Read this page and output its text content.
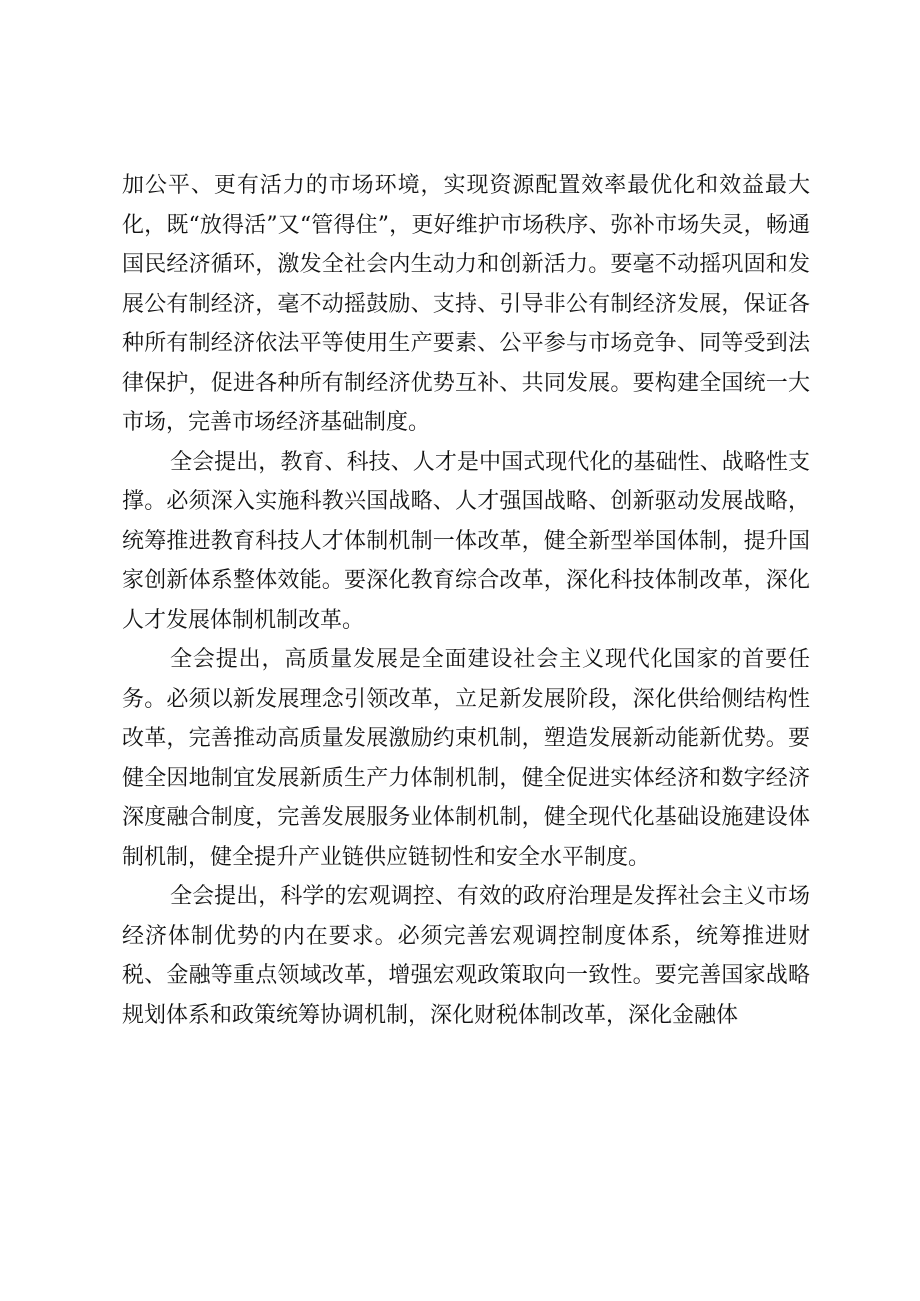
加公平、更有活力的市场环境，实现资源配置效率最优化和效益最大化，既“放得活”又“管得住”，更好维护市场秩序、弥补市场失灵，畅通国民经济循环，激发全社会内生动力和创新活力。要毫不动摇巩固和发展公有制经济，毫不动摇鼓励、支持、引导非公有制经济发展，保证各种所有制经济依法平等使用生产要素、公平参与市场竞争、同等受到法律保护，促进各种所有制经济优势互补、共同发展。要构建全国统一大市场，完善市场经济基础制度。

全会提出，教育、科技、人才是中国式现代化的基础性、战略性支撑。必须深入实施科教兴国战略、人才强国战略、创新驱动发展战略，统筹推进教育科技人才体制机制一体改革，健全新型举国体制，提升国家创新体系整体效能。要深化教育综合改革，深化科技体制改革，深化人才发展体制机制改革。

全会提出，高质量发展是全面建设社会主义现代化国家的首要任务。必须以新发展理念引领改革，立足新发展阶段，深化供给侧结构性改革，完善推动高质量发展激励约束机制，塑造发展新动能新优势。要健全因地制宜发展新质生产力体制机制，健全促进实体经济和数字经济深度融合制度，完善发展服务业体制机制，健全现代化基础设施建设体制机制，健全提升产业链供应链韧性和安全水平制度。

全会提出，科学的宏观调控、有效的政府治理是发挥社会主义市场经济体制优势的内在要求。必须完善宏观调控制度体系，统筹推进财税、金融等重点领域改革，增强宏观政策取向一致性。要完善国家战略规划体系和政策统筹协调机制，深化财税体制改革，深化金融体
